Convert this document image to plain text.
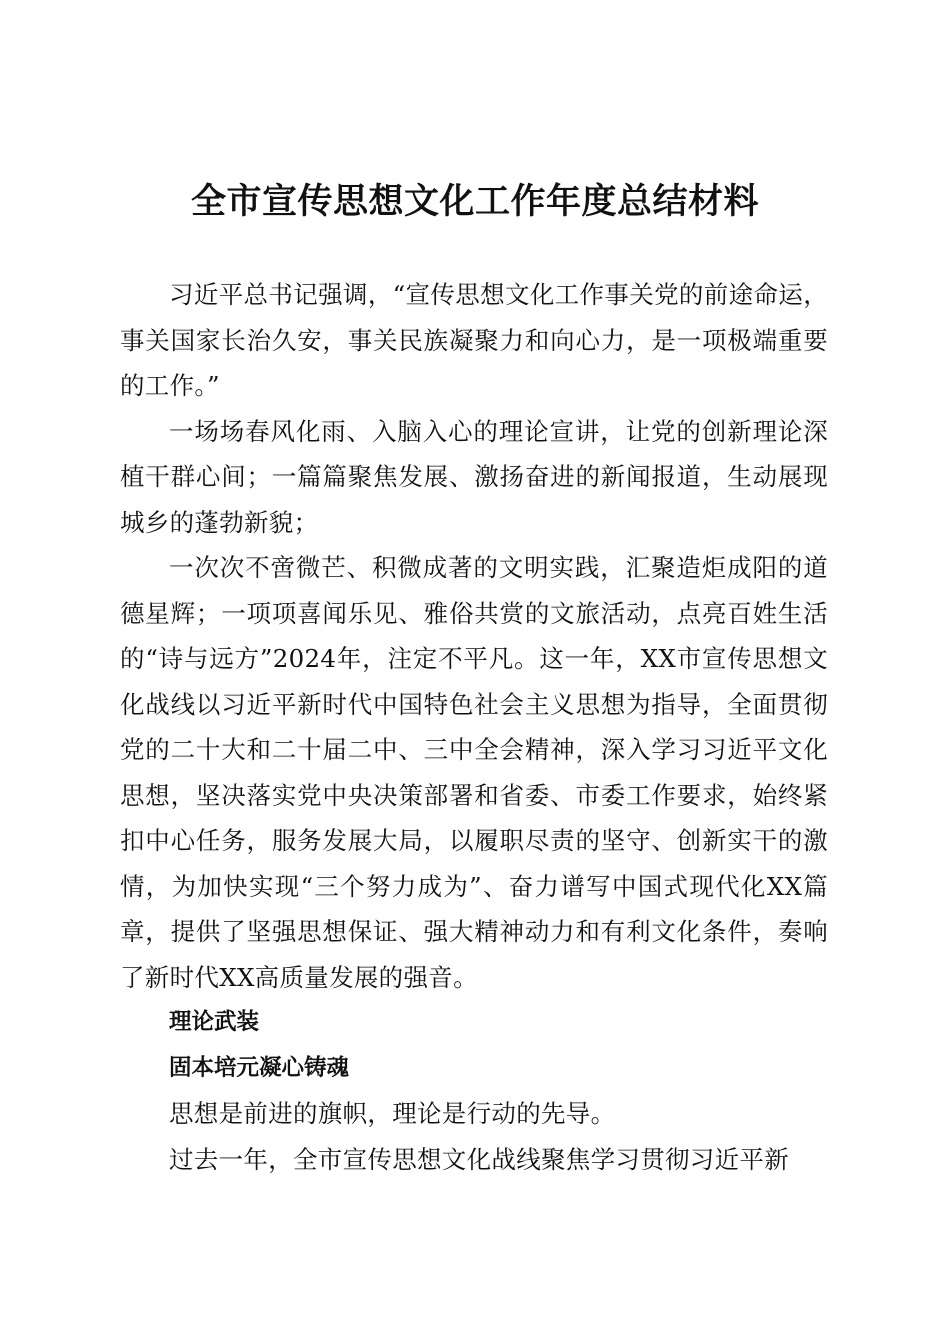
全市宣传思想文化工作年度总结材料

习近平总书记强调，“宣传思想文化工作事关党的前途命运，事关国家长治久安，事关民族凝聚力和向心力，是一项极端重要的工作。”

一场场春风化雨、入脑入心的理论宣讲，让党的创新理论深植干群心间；一篇篇聚焦发展、激扬奋进的新闻报道，生动展现城乡的蓬勃新貌；

一次次不啻微芒、积微成著的文明实践，汇聚造炬成阳的道德星辉；一项项喜闻乐见、雅俗共赏的文旅活动，点亮百姓生活的“诗与远方”2024年，注定不平凡。这一年，XX市宣传思想文化战线以习近平新时代中国特色社会主义思想为指导，全面贯彻党的二十大和二十届二中、三中全会精神，深入学习习近平文化思想，坚决落实党中央决策部署和省委、市委工作要求，始终紧扣中心任务，服务发展大局，以履职尽责的坚守、创新实干的激情，为加快实现“三个努力成为”、奋力谱写中国式现代化XX篇章，提供了坚强思想保证、强大精神动力和有利文化条件，奏响了新时代XX高质量发展的强音。

理论武装

固本培元凝心铸魂

思想是前进的旗帜，理论是行动的先导。

过去一年，全市宣传思想文化战线聚焦学习贯彻习近平新
